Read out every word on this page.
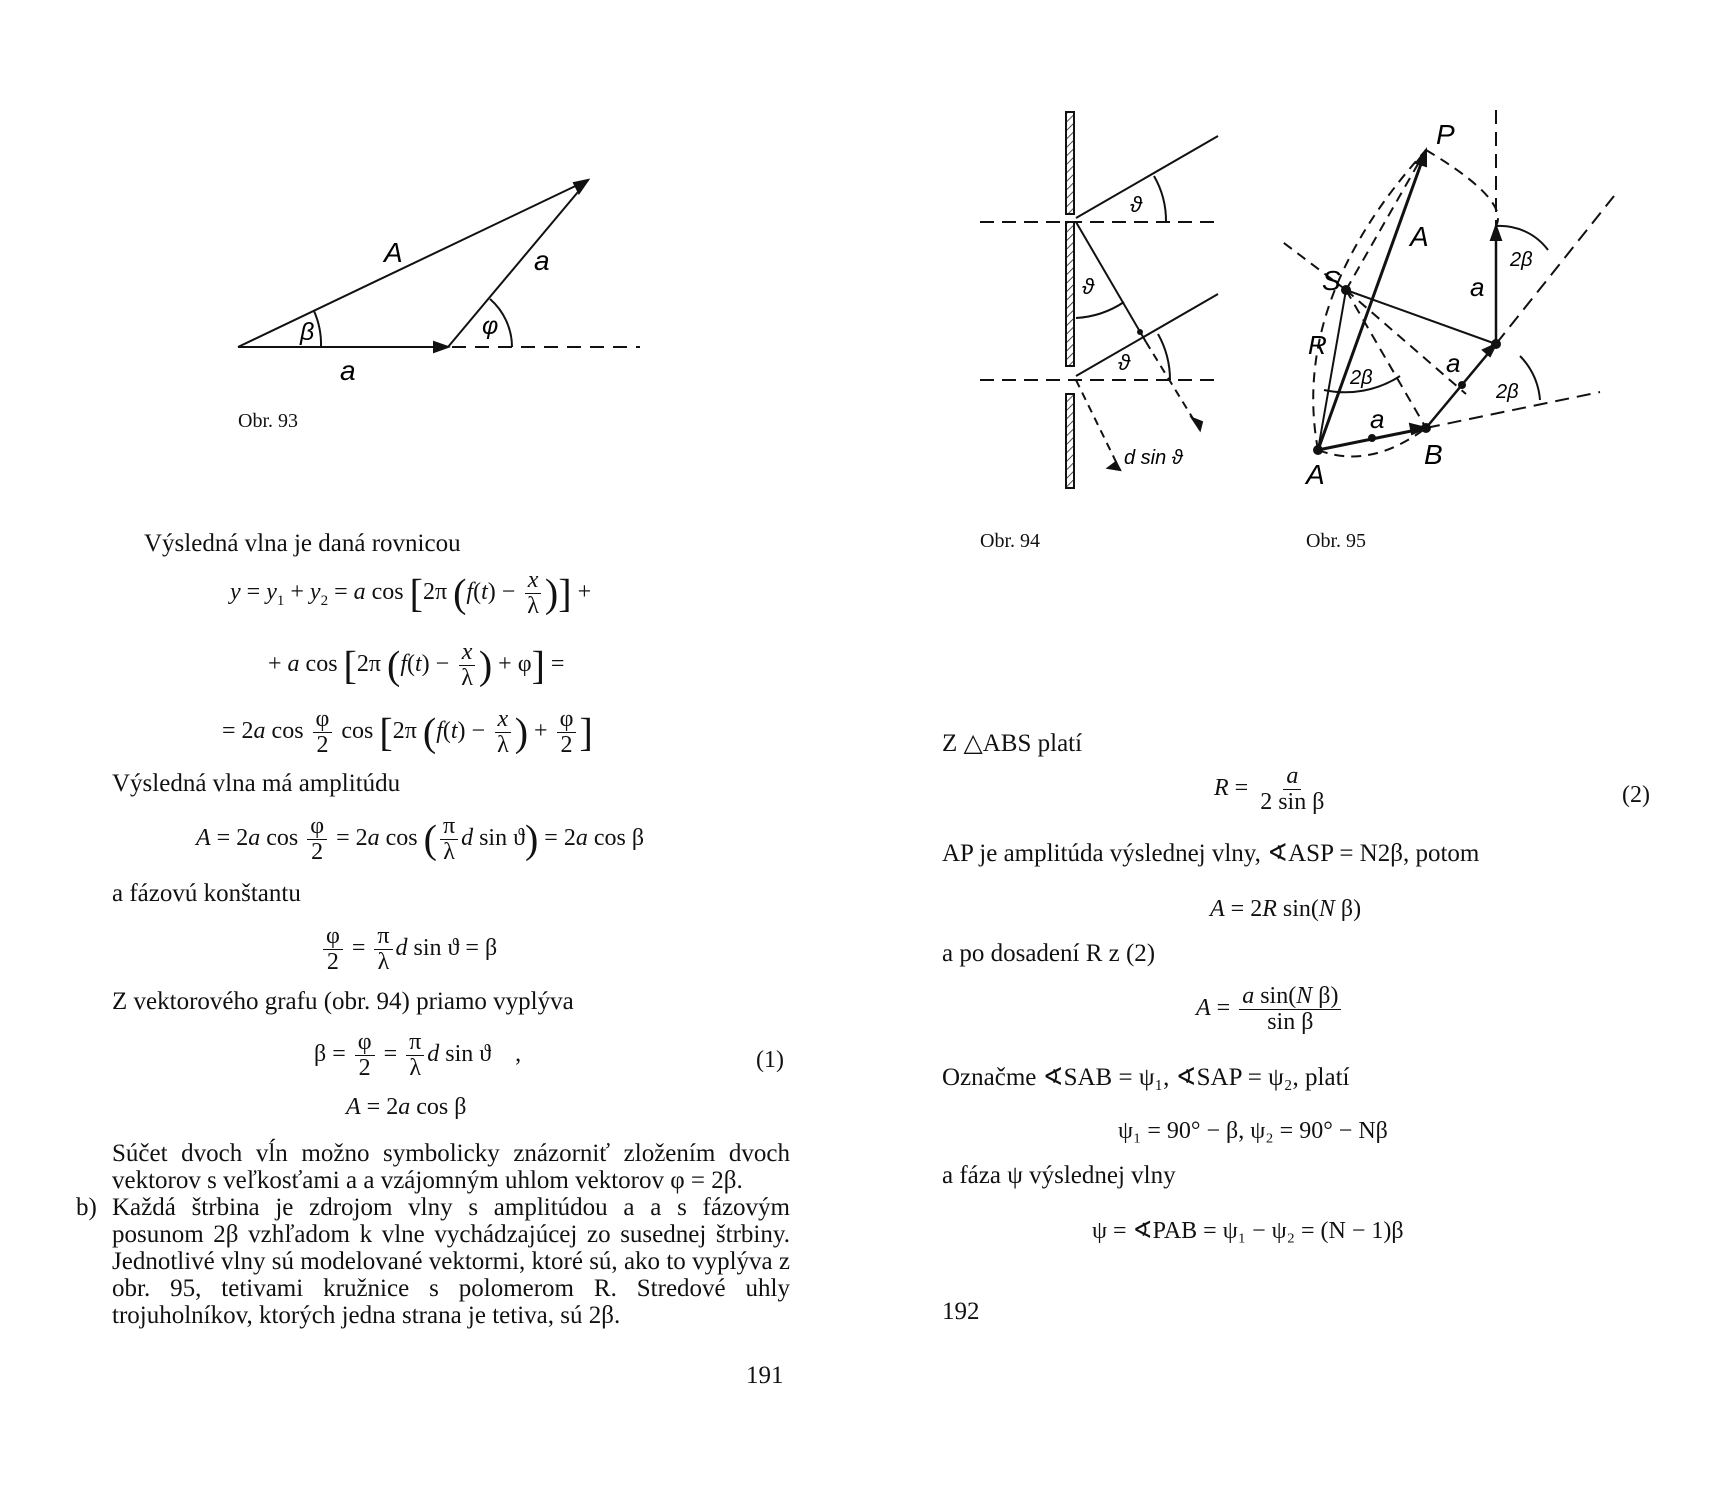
A	a
a
β	φ
Obr. 93
Výsledná vlna je daná rovnicou
$y = y_1 + y_2 = a$ cos [2π ($f(t) - \frac{x}{\lambda}$ )] +
+ a cos [2π ($f(t) - \frac{x}{\lambda}$ ) + φ] =
= 2a $\cos \frac{\varphi}{2}$ cos [2π ($f(t) - \frac{x}{\lambda}$ ) + $\frac{\varphi}{2}$ ]
Výsledná vlna má amplitúdu
A = 2a $\cos \frac{\varphi}{2} = 2a$ cos ( $\frac{\pi}{\lambda}$ d sin ϑ) = 2a cos β
a fázovú konštantu
$\frac{\varphi}{2} = \frac{\pi}{\lambda}$ d sin ϑ = β
Z vektorového grafu (obr. 94) priamo vyplýva
$\beta = \frac{\varphi}{2} = \frac{\pi}{\lambda}$ d sin ϑ    ,	(1)
A = 2a cos β
Súčet dvoch vĺn možno symbolicky znázorniť zložením dvoch vektorov s veľkosťami a a vzájomným uhlom vektorov φ = 2β.
b) Každá štrbina je zdrojom vlny s amplitúdou a a s fázovým posunom 2β vzhľadom k vlne vychádzajúcej zo susednej štrbiny. Jednotlivé vlny sú modelované vektormi, ktoré sú, ako to vyplýva z obr. 95, tetivami kružnice s polomerom R. Stredové uhly trojuholníkov, ktorých jedna strana je tetiva, sú 2β.
191
ϑ
ϑ
ϑ
d sin ϑ
Obr. 94
P
S
A
B
R
A
a
a
a
2β
2β
2β
Obr. 95
Z △ABS platí
$R = \frac{a}{\text{2 sin β}}$	(2)
AP je amplitúda výslednej vlny, ∢ASP = N2β, potom
A = 2R sin(N β)
a po dosadení R z (2)
$A = \frac{\text{a sin(N β)}}{\text{sin β}}$
Označme ∢SAB = ψ₁, ∢SAP = ψ₂, platí
ψ₁ = 90° − β, ψ₂ = 90° − Nβ
a fáza ψ výslednej vlny
ψ = ∢PAB = ψ₁ − ψ₂ = (N − 1)β
192
